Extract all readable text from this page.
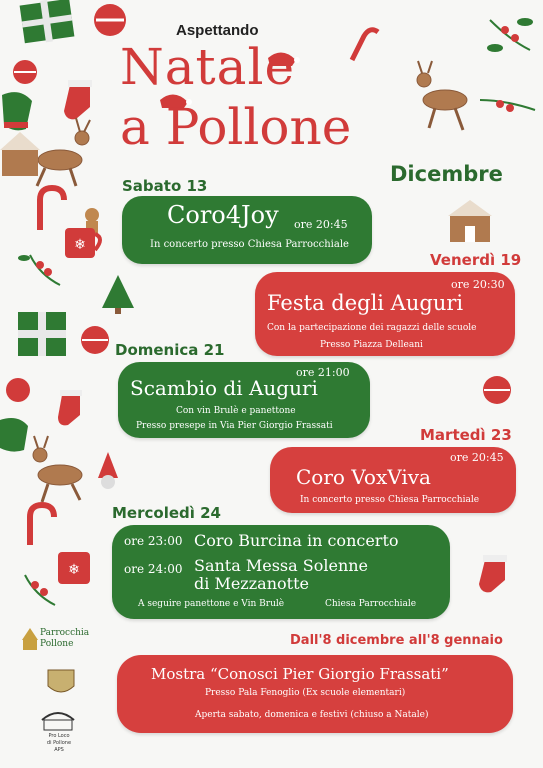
❄
❄
Aspettando
Natale
a Pollone
Dicembre
Sabato 13
Coro4Joy ore 20:45
In concerto presso Chiesa Parrocchiale
Venerdì 19
ore 20:30
Festa degli Auguri
Con la partecipazione dei ragazzi delle scuole
Presso Piazza Delleani
Domenica 21
ore 21:00
Scambio di Auguri
Con vin Brulè e panettone
Presso presepe in Via Pier Giorgio Frassati	Martedì 23
ore 20:45
Coro VoxViva
In concerto presso Chiesa Parrocchiale
Mercoledì 24
ore 23:00 Coro Burcina in concerto
ore 24:00 Santa Messa Solenne
di Mezzanotte
A seguire panettone e Vin Brulè	Chiesa Parrocchiale
Dall'8 dicembre all'8 gennaio
Mostra “Conosci Pier Giorgio Frassati”
Presso Pala Fenoglio (Ex scuole elementari)
Aperta sabato, domenica e festivi (chiuso a Natale)
Parrocchia
Pollone
Pro Loco
di Pollone APS
